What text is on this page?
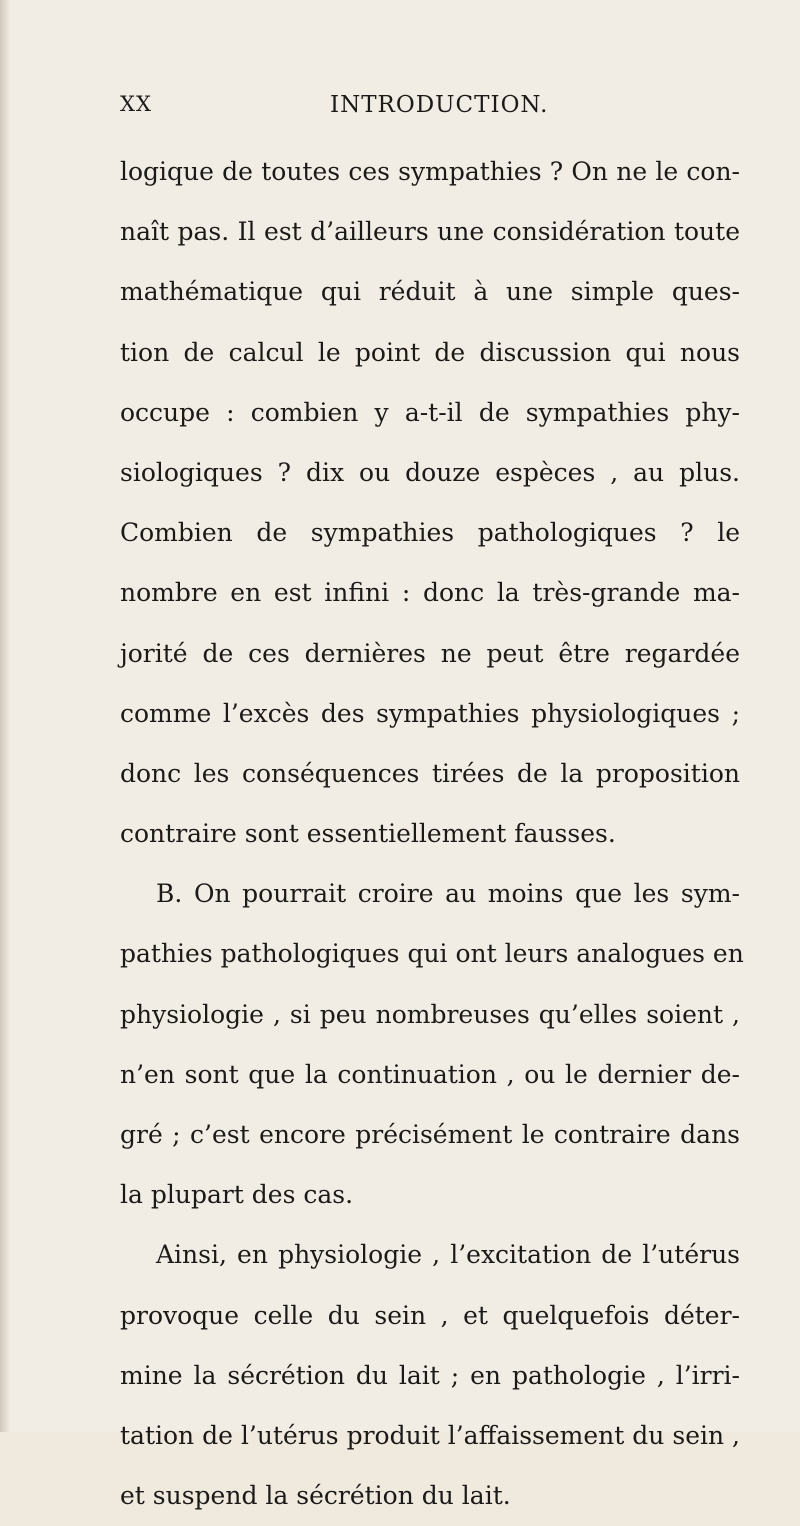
XX	INTRODUCTION.
logique de toutes ces sympathies ? On ne le con-
naît pas. Il est d’ailleurs une considération toute
mathématique qui réduit à une simple ques-
tion de calcul le point de discussion qui nous
occupe : combien y a-t-il de sympathies phy-
siologiques ? dix ou douze espèces , au plus.
Combien de sympathies pathologiques ? le
nombre en est infini : donc la très-grande ma-
jorité de ces dernières ne peut être regardée
comme l’excès des sympathies physiologiques ;
donc les conséquences tirées de la proposition
contraire sont essentiellement fausses.
B. On pourrait croire au moins que les sym-
pathies pathologiques qui ont leurs analogues en
physiologie , si peu nombreuses qu’elles soient ,
n’en sont que la continuation , ou le dernier de-
gré ; c’est encore précisément le contraire dans
la plupart des cas.
Ainsi, en physiologie , l’excitation de l’utérus
provoque celle du sein , et quelquefois déter-
mine la sécrétion du lait ; en pathologie , l’irri-
tation de l’utérus produit l’affaissement du sein ,
et suspend la sécrétion du lait.
